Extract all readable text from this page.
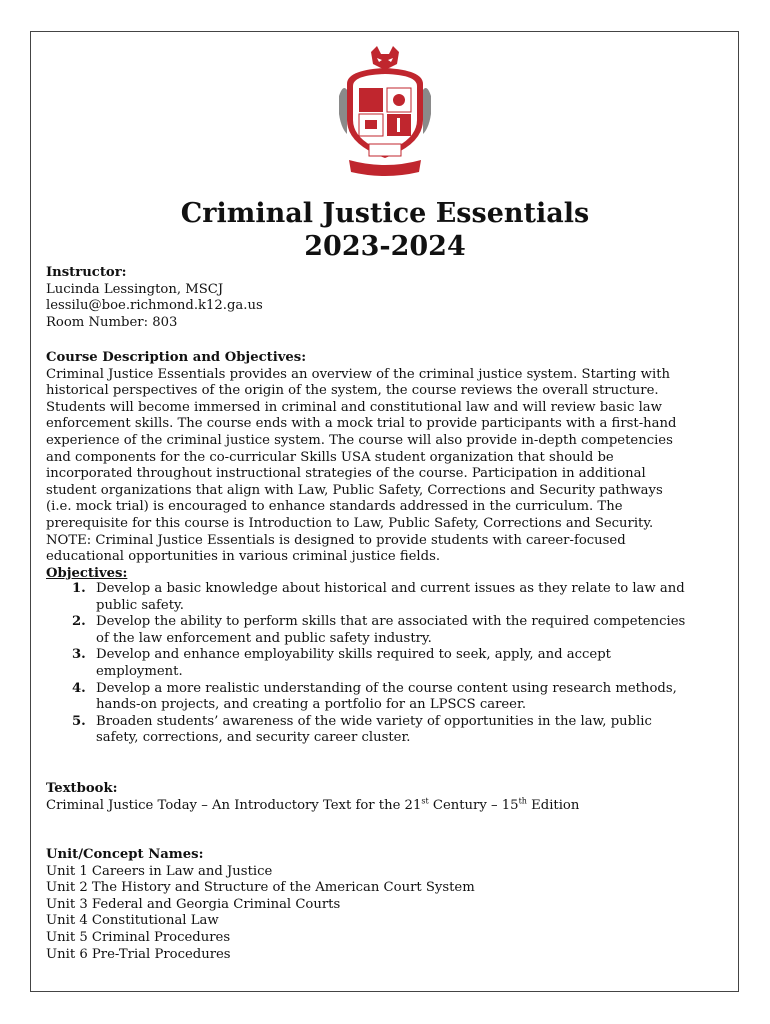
Criminal Justice Essentials
2023-2024
Instructor:
Lucinda Lessington, MSCJ
lessilu@boe.richmond.k12.ga.us
Room Number: 803
Course Description and Objectives:
Criminal Justice Essentials provides an overview of the criminal justice system. Starting with
historical perspectives of the origin of the system, the course reviews the overall structure.
Students will become immersed in criminal and constitutional law and will review basic law
enforcement skills. The course ends with a mock trial to provide participants with a first-hand
experience of the criminal justice system. The course will also provide in-depth competencies
and components for the co-curricular Skills USA student organization that should be
incorporated throughout instructional strategies of the course. Participation in additional
student organizations that align with Law, Public Safety, Corrections and Security pathways
(i.e. mock trial) is encouraged to enhance standards addressed in the curriculum. The
prerequisite for this course is Introduction to Law, Public Safety, Corrections and Security.
NOTE: Criminal Justice Essentials is designed to provide students with career-focused
educational opportunities in various criminal justice fields.
Objectives:
1. Develop a basic knowledge about historical and current issues as they relate to law and
public safety.
2. Develop the ability to perform skills that are associated with the required competencies
of the law enforcement and public safety industry.
3. Develop and enhance employability skills required to seek, apply, and accept
employment.
4. Develop a more realistic understanding of the course content using research methods,
hands-on projects, and creating a portfolio for an LPSCS career.
5. Broaden students’ awareness of the wide variety of opportunities in the law, public
safety, corrections, and security career cluster.
Textbook:
Criminal Justice Today – An Introductory Text for the 21st Century – 15th Edition
Unit/Concept Names:
Unit 1 Careers in Law and Justice
Unit 2 The History and Structure of the American Court System
Unit 3 Federal and Georgia Criminal Courts
Unit 4 Constitutional Law
Unit 5 Criminal Procedures
Unit 6 Pre-Trial Procedures
